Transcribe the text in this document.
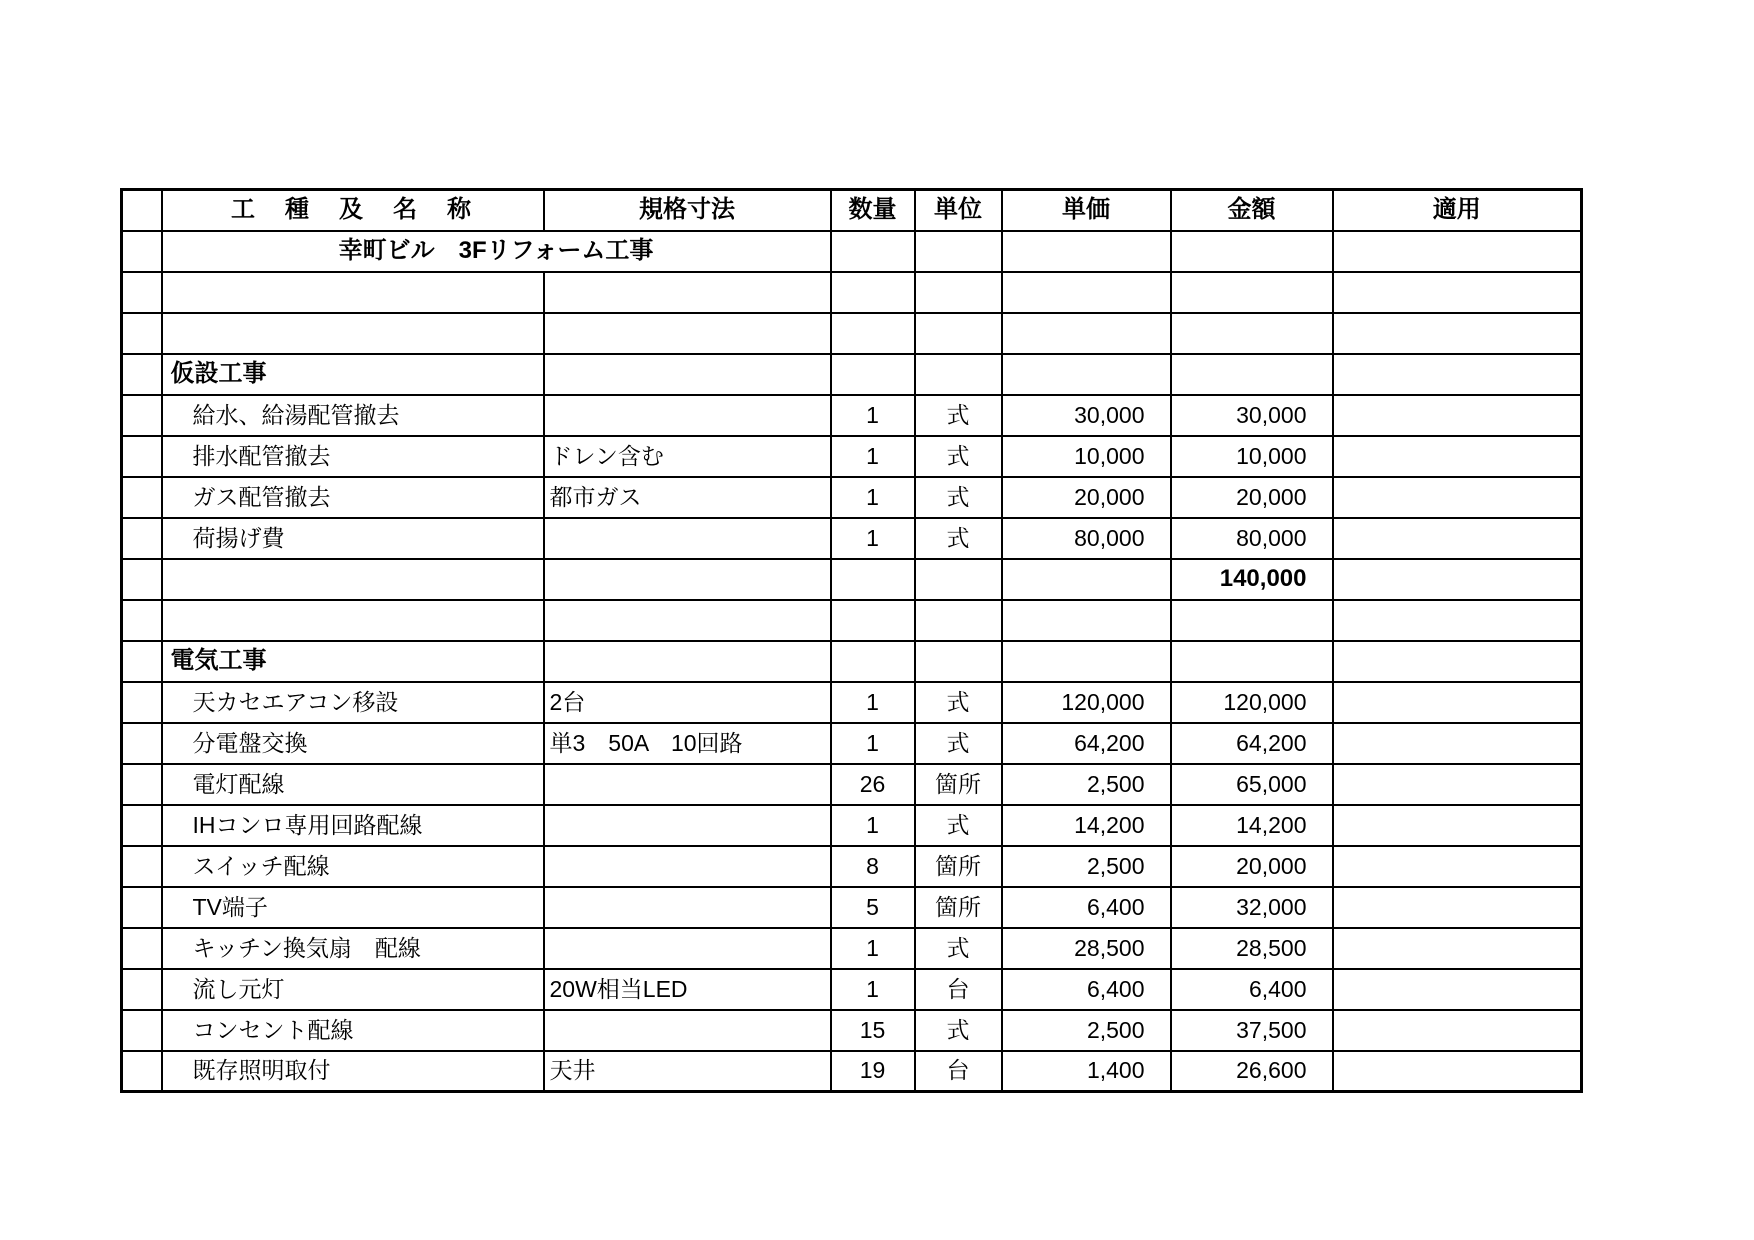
	工　種　及　名　称	規格寸法	数量	単位	単価	金額	適用
	幸町ビル　3Fリフォーム工事						

	仮設工事						
	給水、給湯配管撤去		1	式	30,000	30,000	
	排水配管撤去	ドレン含む	1	式	10,000	10,000	
	ガス配管撤去	都市ガス	1	式	20,000	20,000	
	荷揚げ費		1	式	80,000	80,000	
						140,000	

	電気工事						
	天カセエアコン移設	2台	1	式	120,000	120,000	
	分電盤交換	単3　50A　10回路	1	式	64,200	64,200	
	電灯配線		26	箇所	2,500	65,000	
	IHコンロ専用回路配線		1	式	14,200	14,200	
	スイッチ配線		8	箇所	2,500	20,000	
	TV端子		5	箇所	6,400	32,000	
	キッチン換気扇　配線		1	式	28,500	28,500	
	流し元灯	20W相当LED	1	台	6,400	6,400	
	コンセント配線		15	式	2,500	37,500	
	既存照明取付	天井	19	台	1,400	26,600	
